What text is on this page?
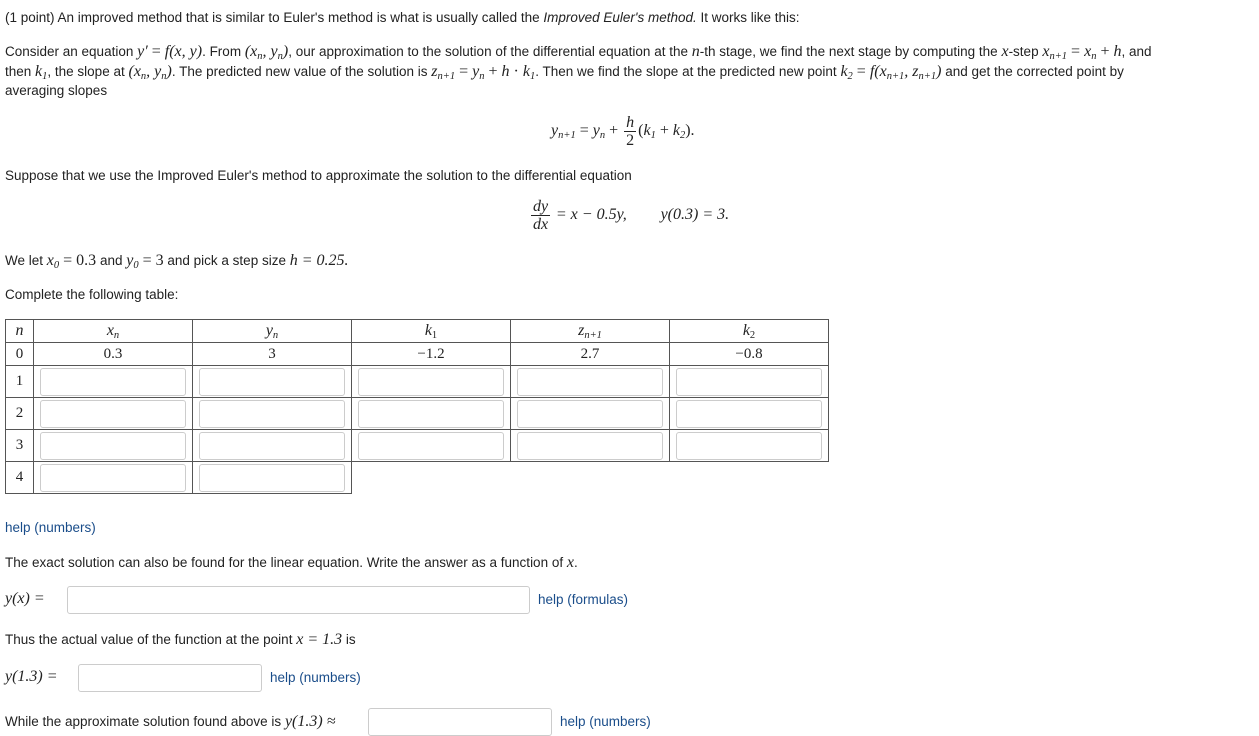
(1 point) An improved method that is similar to Euler's method is what is usually called the Improved Euler's method. It works like this:
Consider an equation y′ = f(x, y). From ($x_n$, $y_n$), our approximation to the solution of the differential equation at the n-th stage, we find the next stage by computing the x-step $x_{n+1} = x_n + h$, and
then $k_1$, the slope at ($x_n$, $y_n$). The predicted new value of the solution is $z_{n+1} = y_n + h \cdot k_1$. Then we find the slope at the predicted new point $k_2 = f(x_{n+1}$, $z_{n+1}$) and get the corrected point by
averaging slopes
$y_{n+1} = y_n + \frac{h}{2} (k_1 + k_2)$.
Suppose that we use the Improved Euler's method to approximate the solution to the differential equation
$\frac{dy}{dx} = x - 0.5y$, y(0.3) = 3.
We let $x_0 = 0.3$ and $y_0 = 3$ and pick a step size h = 0.25.
Complete the following table:
n	$x_n$	$y_n$	$k_1$	$z_{n+1}$	$k_2$
0	0.3	3	−1.2	2.7	−0.8
1					
2					
3					
4					
help (numbers)
The exact solution can also be found for the linear equation. Write the answer as a function of x.
y(x) =	help (formulas)
Thus the actual value of the function at the point x = 1.3 is
y(1.3) =	help (numbers)
While the approximate solution found above is y(1.3) ≈	help (numbers)
